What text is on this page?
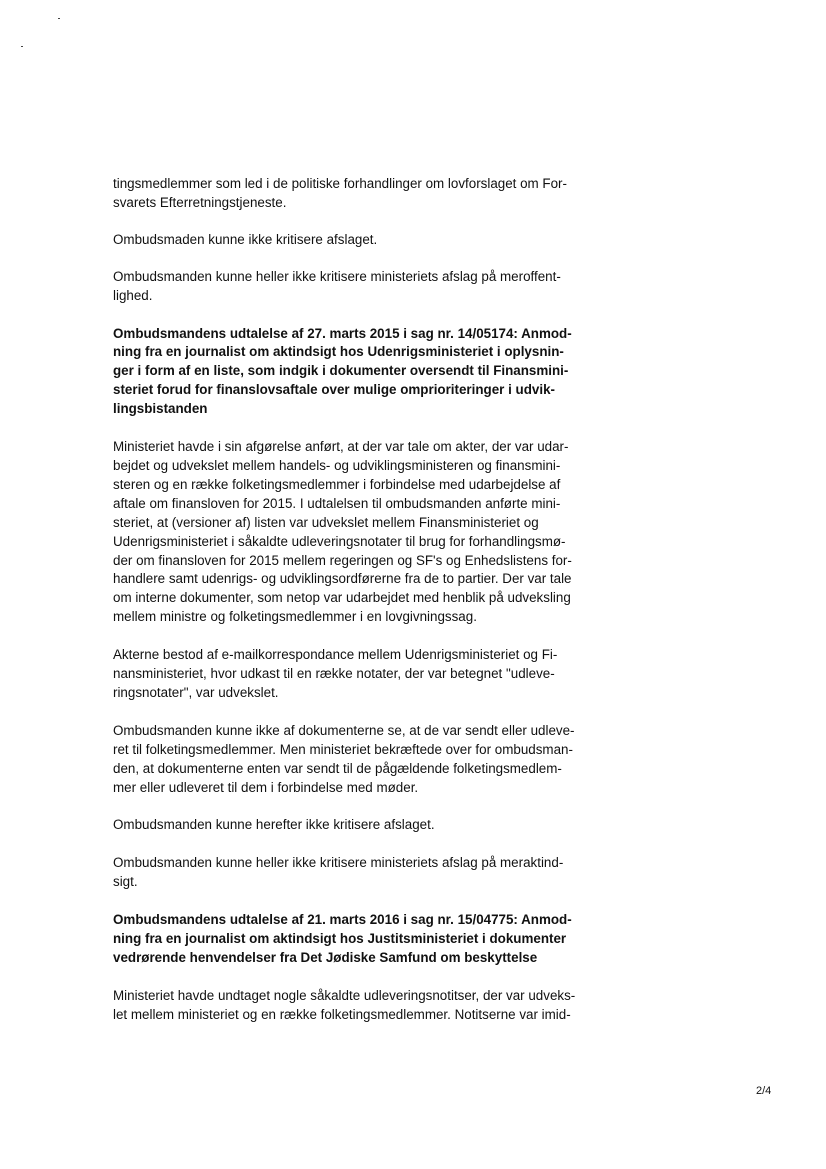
tingsmedlemmer som led i de politiske forhandlinger om lovforslaget om For-
svarets Efterretningstjeneste.

Ombudsmaden kunne ikke kritisere afslaget.

Ombudsmanden kunne heller ikke kritisere ministeriets afslag på meroffent-
lighed.

Ombudsmandens udtalelse af 27. marts 2015 i sag nr. 14/05174: Anmod-
ning fra en journalist om aktindsigt hos Udenrigsministeriet i oplysnin-
ger i form af en liste, som indgik i dokumenter oversendt til Finansmini-
steriet forud for finanslovsaftale over mulige omprioriteringer i udvik-
lingsbistanden

Ministeriet havde i sin afgørelse anført, at der var tale om akter, der var udar-
bejdet og udvekslet mellem handels- og udviklingsministeren og finansmini-
steren og en række folketingsmedlemmer i forbindelse med udarbejdelse af
aftale om finansloven for 2015. I udtalelsen til ombudsmanden anførte mini-
steriet, at (versioner af) listen var udvekslet mellem Finansministeriet og
Udenrigsministeriet i såkaldte udleveringsnotater til brug for forhandlingsmø-
der om finansloven for 2015 mellem regeringen og SF's og Enhedslistens for-
handlere samt udenrigs- og udviklingsordførerne fra de to partier. Der var tale
om interne dokumenter, som netop var udarbejdet med henblik på udveksling
mellem ministre og folketingsmedlemmer i en lovgivningssag.

Akterne bestod af e-mailkorrespondance mellem Udenrigsministeriet og Fi-
nansministeriet, hvor udkast til en række notater, der var betegnet "udleve-
ringsnotater", var udvekslet.

Ombudsmanden kunne ikke af dokumenterne se, at de var sendt eller udleve-
ret til folketingsmedlemmer. Men ministeriet bekræftede over for ombudsman-
den, at dokumenterne enten var sendt til de pågældende folketingsmedlem-
mer eller udleveret til dem i forbindelse med møder.

Ombudsmanden kunne herefter ikke kritisere afslaget.

Ombudsmanden kunne heller ikke kritisere ministeriets afslag på meraktind-
sigt.

Ombudsmandens udtalelse af 21. marts 2016 i sag nr. 15/04775: Anmod-
ning fra en journalist om aktindsigt hos Justitsministeriet i dokumenter
vedrørende henvendelser fra Det Jødiske Samfund om beskyttelse

Ministeriet havde undtaget nogle såkaldte udleveringsnotitser, der var udveks-
let mellem ministeriet og en række folketingsmedlemmer. Notitserne var imid-

2/4
